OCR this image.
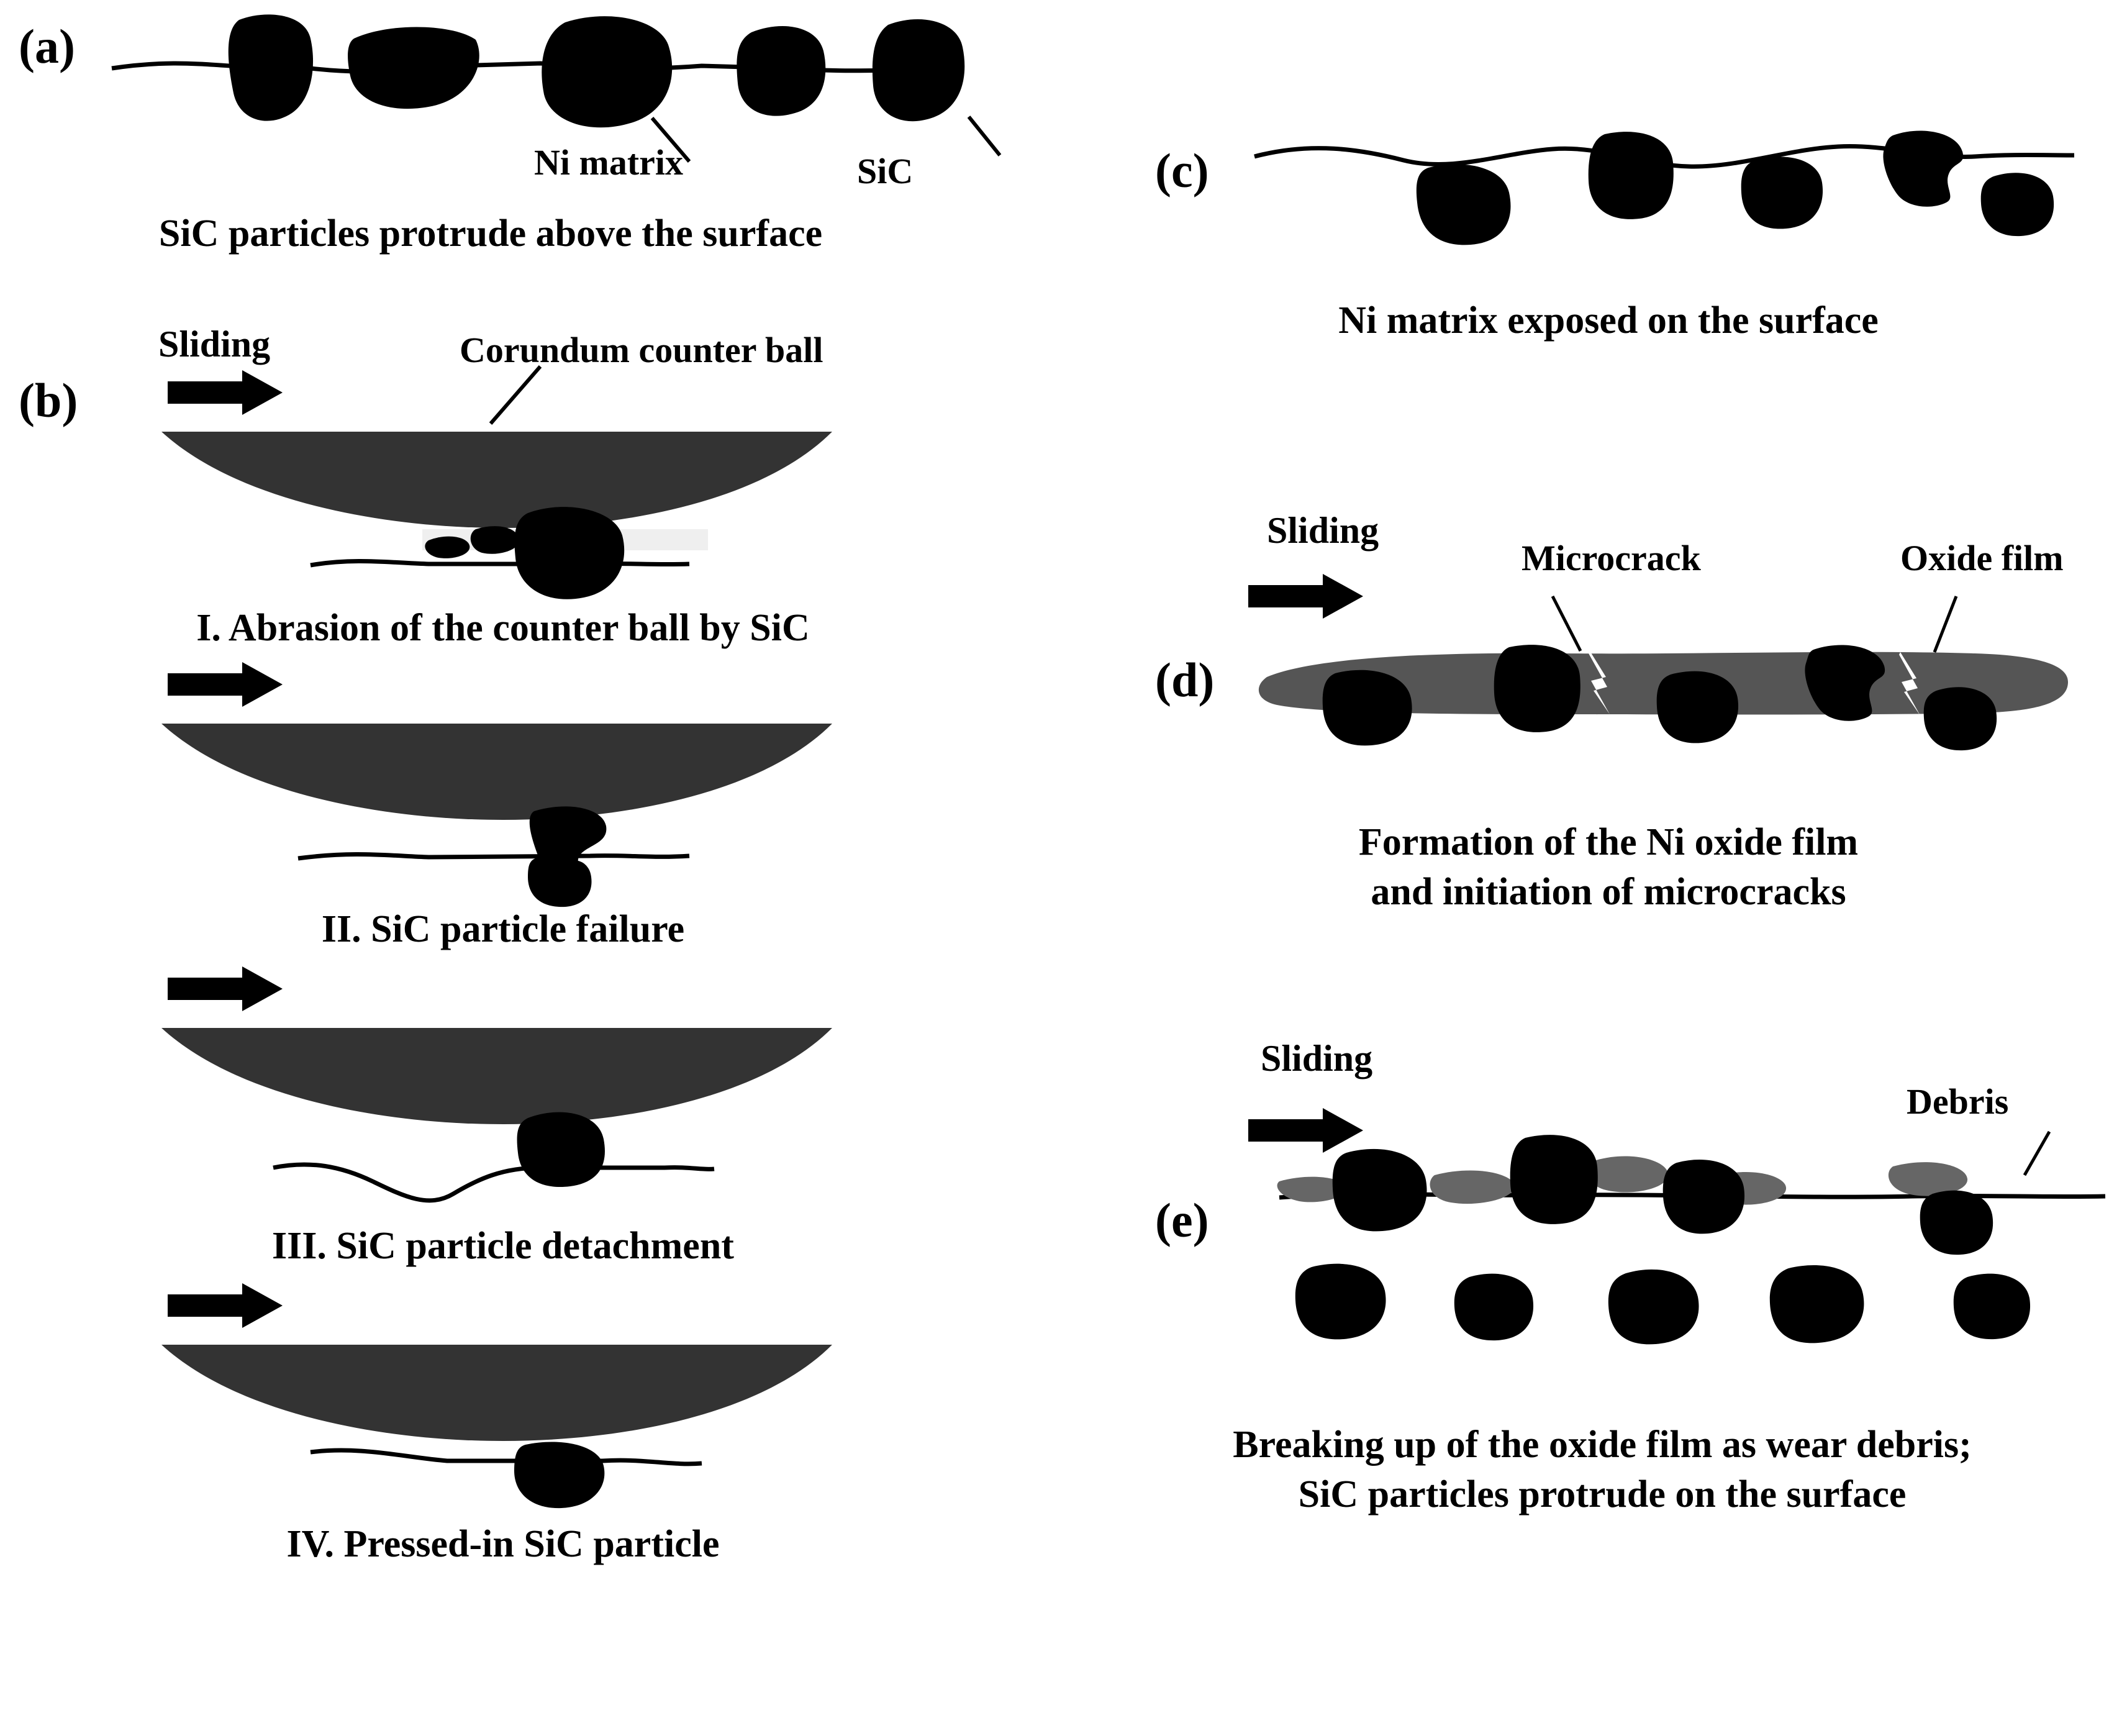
(a)
Ni matrix	SiC
SiC particles protrude above the surface
(b)
Sliding	Corundum counter ball
I. Abrasion of the counter ball by SiC
II. SiC particle failure
III. SiC particle detachment
IV. Pressed-in SiC particle
(c)
Ni matrix exposed on the surface
(d)
Sliding
Microcrack	Oxide film
Formation of the Ni oxide film
and initiation of microcracks
(e)
Sliding
Debris
Breaking up of the oxide film as wear debris;
SiC particles protrude on the surface
